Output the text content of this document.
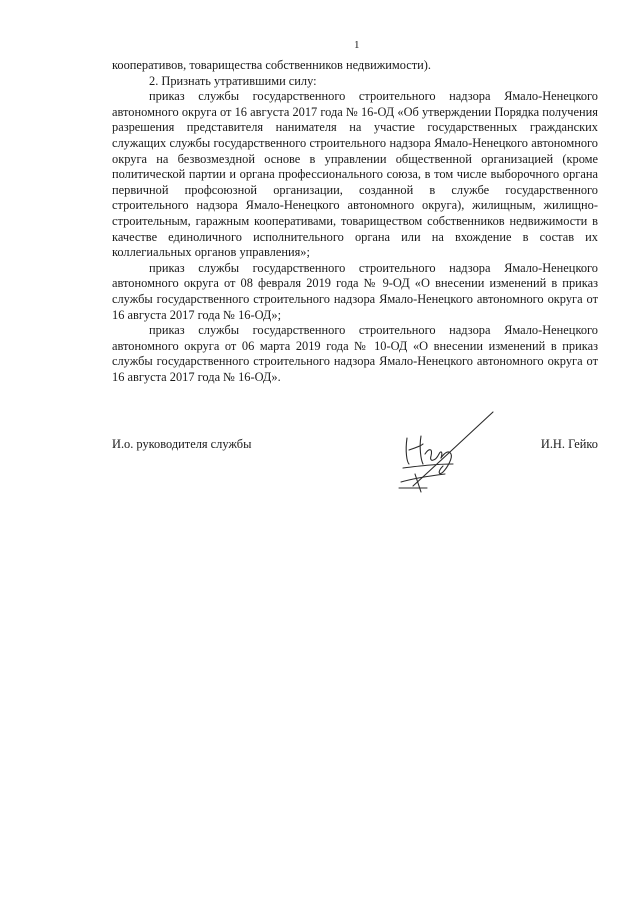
1

кооперативов, товарищества собственников недвижимости).

2. Признать утратившими силу:

приказ службы государственного строительного надзора Ямало-Ненецкого автономного округа от 16 августа 2017 года № 16-ОД «Об утверждении Порядка получения разрешения представителя нанимателя на участие государственных гражданских служащих службы государственного строительного надзора Ямало-Ненецкого автономного округа на безвозмездной основе в управлении общественной организацией (кроме политической партии и органа профессионального союза, в том числе выборочного органа первичной профсоюзной организации, созданной в службе государственного строительного надзора Ямало-Ненецкого автономного округа), жилищным, жилищно-строительным, гаражным кооперативами, товариществом собственников недвижимости в качестве единоличного исполнительного органа или на вхождение в состав их коллегиальных органов управления»;

приказ службы государственного строительного надзора Ямало-Ненецкого автономного округа от 08 февраля 2019 года № 9-ОД «О внесении изменений в приказ службы государственного строительного надзора Ямало-Ненецкого автономного округа от 16 августа 2017 года № 16-ОД»;

приказ службы государственного строительного надзора Ямало-Ненецкого автономного округа от 06 марта 2019 года № 10-ОД «О внесении изменений в приказ службы государственного строительного надзора Ямало-Ненецкого автономного округа от 16 августа 2017 года № 16-ОД».

И.о. руководителя службы	И.Н. Гейко
